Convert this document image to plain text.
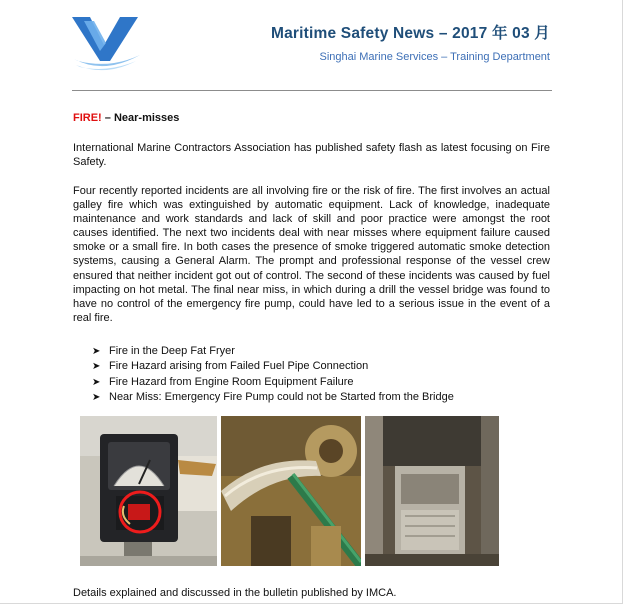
Maritime Safety News – 2017 年 03 月
Singhai Marine Services – Training Department
FIRE! – Near-misses

International Marine Contractors Association has published safety flash as latest focusing on Fire Safety.

Four recently reported incidents are all involving fire or the risk of fire. The first involves an actual galley fire which was extinguished by automatic equipment. Lack of knowledge, inadequate maintenance and work standards and lack of skill and poor practice were amongst the root causes identified. The next two incidents deal with near misses where equipment failure caused smoke or a small fire. In both cases the presence of smoke triggered automatic smoke detection systems, causing a General Alarm. The prompt and professional response of the vessel crew ensured that neither incident got out of control. The second of these incidents was caused by fuel impacting on hot metal. The final near miss, in which during a drill the vessel bridge was found to have no control of the emergency fire pump, could have led to a serious issue in the event of a real fire.

➤ Fire in the Deep Fat Fryer
➤ Fire Hazard arising from Failed Fuel Pipe Connection
➤ Fire Hazard from Engine Room Equipment Failure
➤ Near Miss: Emergency Fire Pump could not be Started from the Bridge
Details explained and discussed in the bulletin published by IMCA.
